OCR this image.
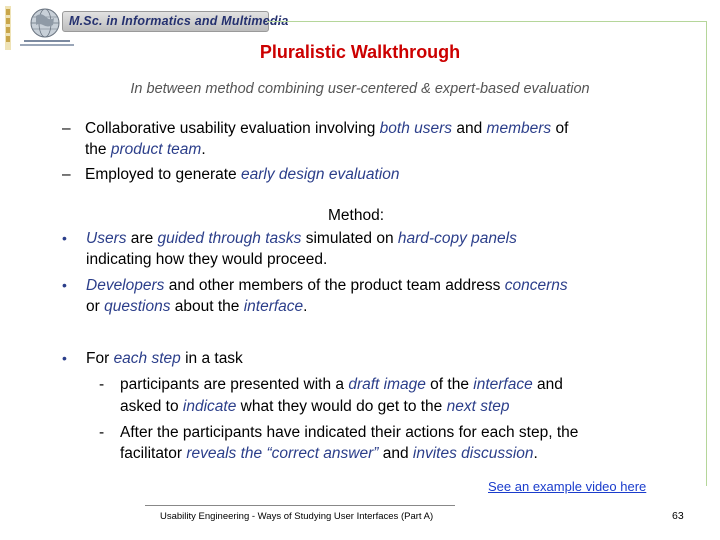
M.Sc. in Informatics and Multimedia
Pluralistic Walkthrough
In between method combining user-centered & expert-based evaluation
– Collaborative usability evaluation involving both users and members of
the product team.
– Employed to generate early design evaluation
Method:
• Users are guided through tasks simulated on hard-copy panels
indicating how they would proceed.
• Developers and other members of the product team address concerns
or questions about the interface.
• For each step in a task
- participants are presented with a draft image of the interface and
asked to indicate what they would do get to the next step
- After the participants have indicated their actions for each step, the
facilitator reveals the “correct answer” and invites discussion.
See an example video here
Usability Engineering - Ways of Studying User Interfaces (Part A)	63
